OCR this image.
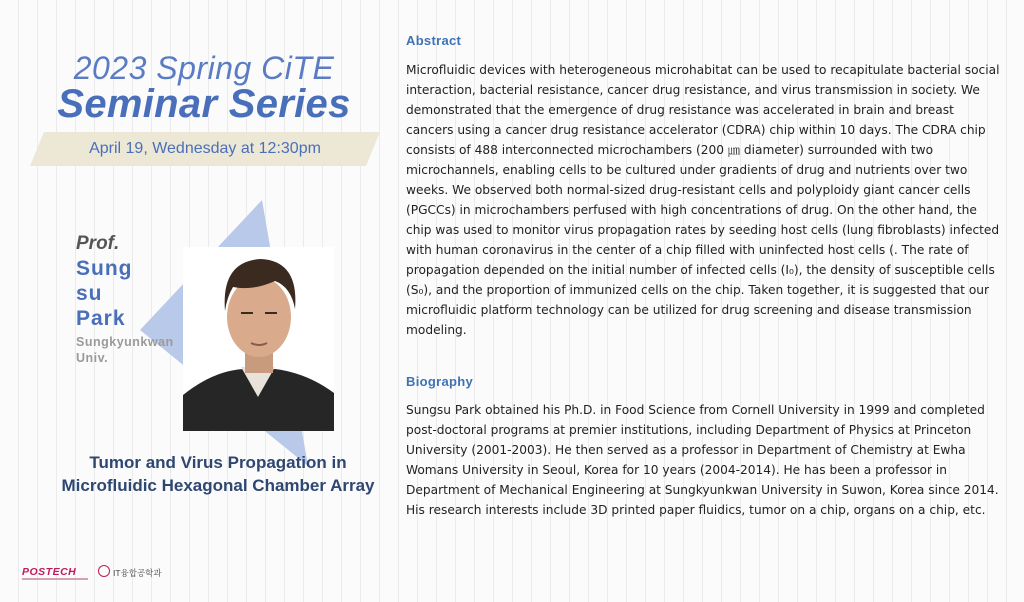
2023 Spring CiTE
Seminar Series
April 19, Wednesday at 12:30pm
Prof.
Sung su Park
Sungkyunkwan Univ.
Tumor and Virus Propagation in Microfluidic Hexagonal Chamber Array
POSTECH	IT융합공학과
Abstract

Microfluidic devices with heterogeneous microhabitat can be used to recapitulate bacterial social interaction, bacterial resistance, cancer drug resistance, and virus transmission in society. We demonstrated that the emergence of drug resistance was accelerated in brain and breast cancers using a cancer drug resistance accelerator (CDRA) chip within 10 days. The CDRA chip consists of 488 interconnected microchambers (200 ㎛ diameter) surrounded with two microchannels, enabling cells to be cultured under gradients of drug and nutrients over two weeks. We observed both normal-sized drug-resistant cells and polyploidy giant cancer cells (PGCCs) in microchambers perfused with high concentrations of drug. On the other hand, the chip was used to monitor virus propagation rates by seeding host cells (lung fibroblasts) infected with human coronavirus in the center of a chip filled with uninfected host cells (. The rate of propagation depended on the initial number of infected cells (I₀), the density of susceptible cells (S₀), and the proportion of immunized cells on the chip. Taken together, it is suggested that our microfluidic platform technology can be utilized for drug screening and disease transmission modeling.

Biography

Sungsu Park obtained his Ph.D. in Food Science from Cornell University in 1999 and completed post-doctoral programs at premier institutions, including Department of Physics at Princeton University (2001-2003). He then served as a professor in Department of Chemistry at Ewha Womans University in Seoul, Korea for 10 years (2004-2014). He has been a professor in Department of Mechanical Engineering at Sungkyunkwan University in Suwon, Korea since 2014. His research interests include 3D printed paper fluidics, tumor on a chip, organs on a chip, etc.
